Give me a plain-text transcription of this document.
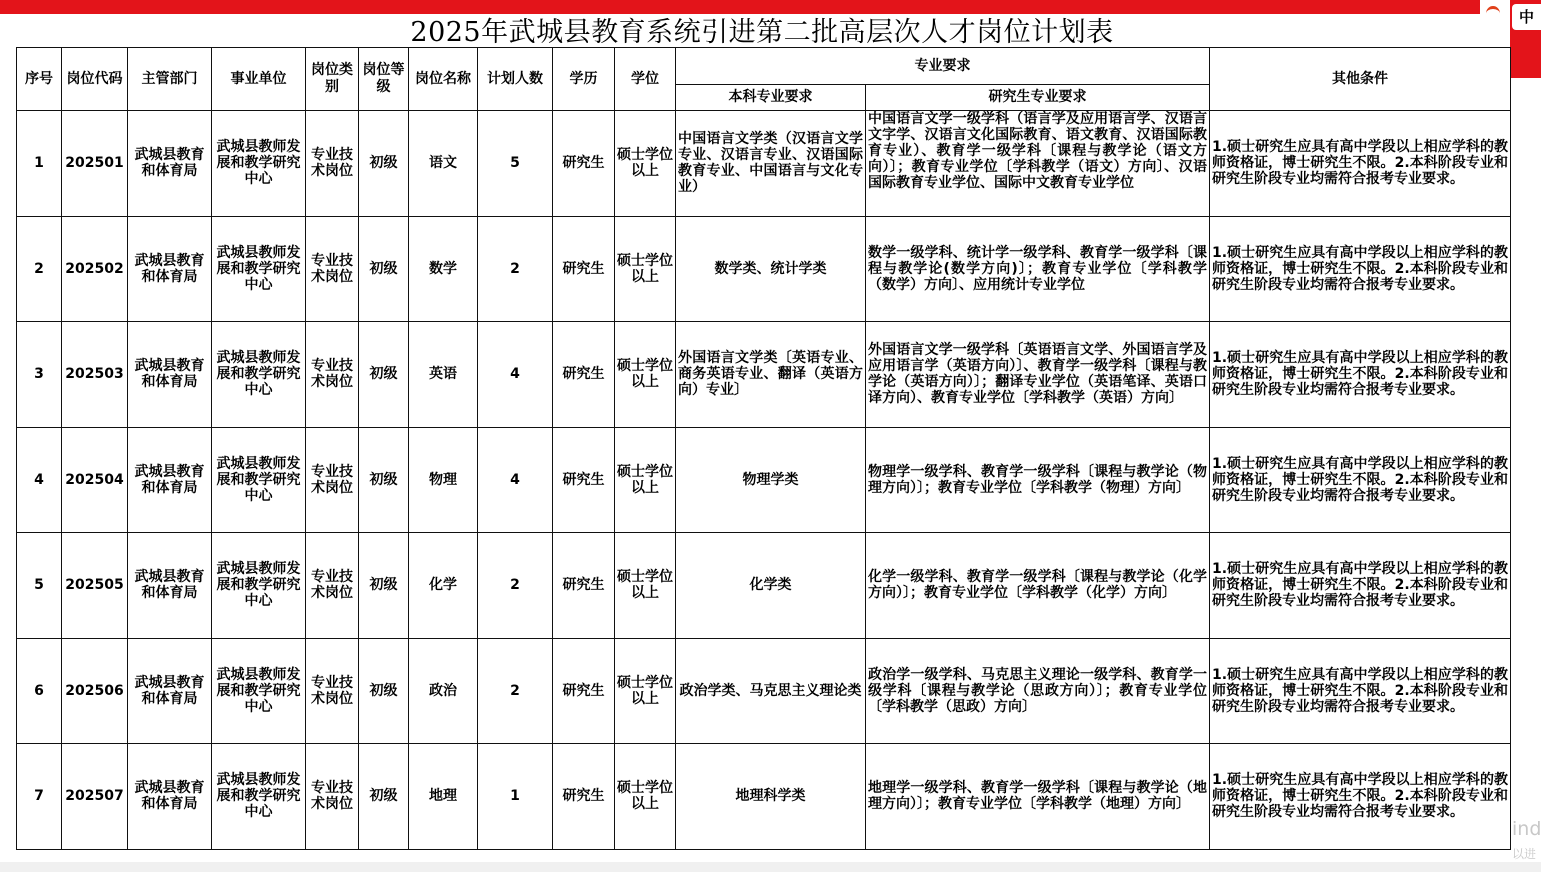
中
2025年武城县教育系统引进第二批高层次人才岗位计划表
序号	岗位代码	主管部门	事业单位	岗位类别	岗位等级	岗位名称	计划人数	学历	学位	专业要求		其他条件
										本科专业要求	研究生专业要求	
1	202501	武城县教育和体育局	武城县教师发展和教学研究中心	专业技术岗位	初级	语文	5	研究生	硕士学位以上	中国语言文学类（汉语言文学专业、汉语言专业、汉语国际教育专业、中国语言与文化专业）	中国语言文学一级学科（语言学及应用语言学、汉语言文字学、汉语言文化国际教育、语文教育、汉语国际教育专业）、教育学一级学科〔课程与教学论（语文方向）〕；教育专业学位〔学科教学（语文）方向〕、汉语国际教育专业学位、国际中文教育专业学位	1.硕士研究生应具有高中学段以上相应学科的教师资格证，博士研究生不限。2.本科阶段专业和研究生阶段专业均需符合报考专业要求。

2	202502	武城县教育和体育局	武城县教师发展和教学研究中心	专业技术岗位	初级	数学	2	研究生	硕士学位以上	数学类、统计学类	数学一级学科、统计学一级学科、教育学一级学科〔课程与教学论(数学方向)〕；教育专业学位〔学科教学（数学）方向〕、应用统计专业学位	1.硕士研究生应具有高中学段以上相应学科的教师资格证，博士研究生不限。2.本科阶段专业和研究生阶段专业均需符合报考专业要求。

3	202503	武城县教育和体育局	武城县教师发展和教学研究中心	专业技术岗位	初级	英语	4	研究生	硕士学位以上	外国语言文学类〔英语专业、商务英语专业、翻译（英语方向）专业〕	外国语言文学一级学科〔英语语言文学、外国语言学及应用语言学（英语方向）〕、教育学一级学科〔课程与教学论（英语方向）〕；翻译专业学位（英语笔译、英语口译方向）、教育专业学位〔学科教学（英语）方向〕	1.硕士研究生应具有高中学段以上相应学科的教师资格证，博士研究生不限。2.本科阶段专业和研究生阶段专业均需符合报考专业要求。

4	202504	武城县教育和体育局	武城县教师发展和教学研究中心	专业技术岗位	初级	物理	4	研究生	硕士学位以上	物理学类	物理学一级学科、教育学一级学科〔课程与教学论（物理方向）〕；教育专业学位〔学科教学（物理）方向〕	1.硕士研究生应具有高中学段以上相应学科的教师资格证，博士研究生不限。2.本科阶段专业和研究生阶段专业均需符合报考专业要求。

5	202505	武城县教育和体育局	武城县教师发展和教学研究中心	专业技术岗位	初级	化学	2	研究生	硕士学位以上	化学类	化学一级学科、教育学一级学科〔课程与教学论（化学方向）〕；教育专业学位〔学科教学（化学）方向〕	1.硕士研究生应具有高中学段以上相应学科的教师资格证，博士研究生不限。2.本科阶段专业和研究生阶段专业均需符合报考专业要求。

6	202506	武城县教育和体育局	武城县教师发展和教学研究中心	专业技术岗位	初级	政治	2	研究生	硕士学位以上	政治学类、马克思主义理论类	政治学一级学科、马克思主义理论一级学科、教育学一级学科〔课程与教学论（思政方向）〕；教育专业学位〔学科教学（思政）方向〕	1.硕士研究生应具有高中学段以上相应学科的教师资格证，博士研究生不限。2.本科阶段专业和研究生阶段专业均需符合报考专业要求。

7	202507	武城县教育和体育局	武城县教师发展和教学研究中心	专业技术岗位	初级	地理	1	研究生	硕士学位以上	地理科学类	地理学一级学科、教育学一级学科〔课程与教学论（地理方向）〕；教育专业学位〔学科教学（地理）方向〕	1.硕士研究生应具有高中学段以上相应学科的教师资格证，博士研究生不限。2.本科阶段专业和研究生阶段专业均需符合报考专业要求。
ind
以进
